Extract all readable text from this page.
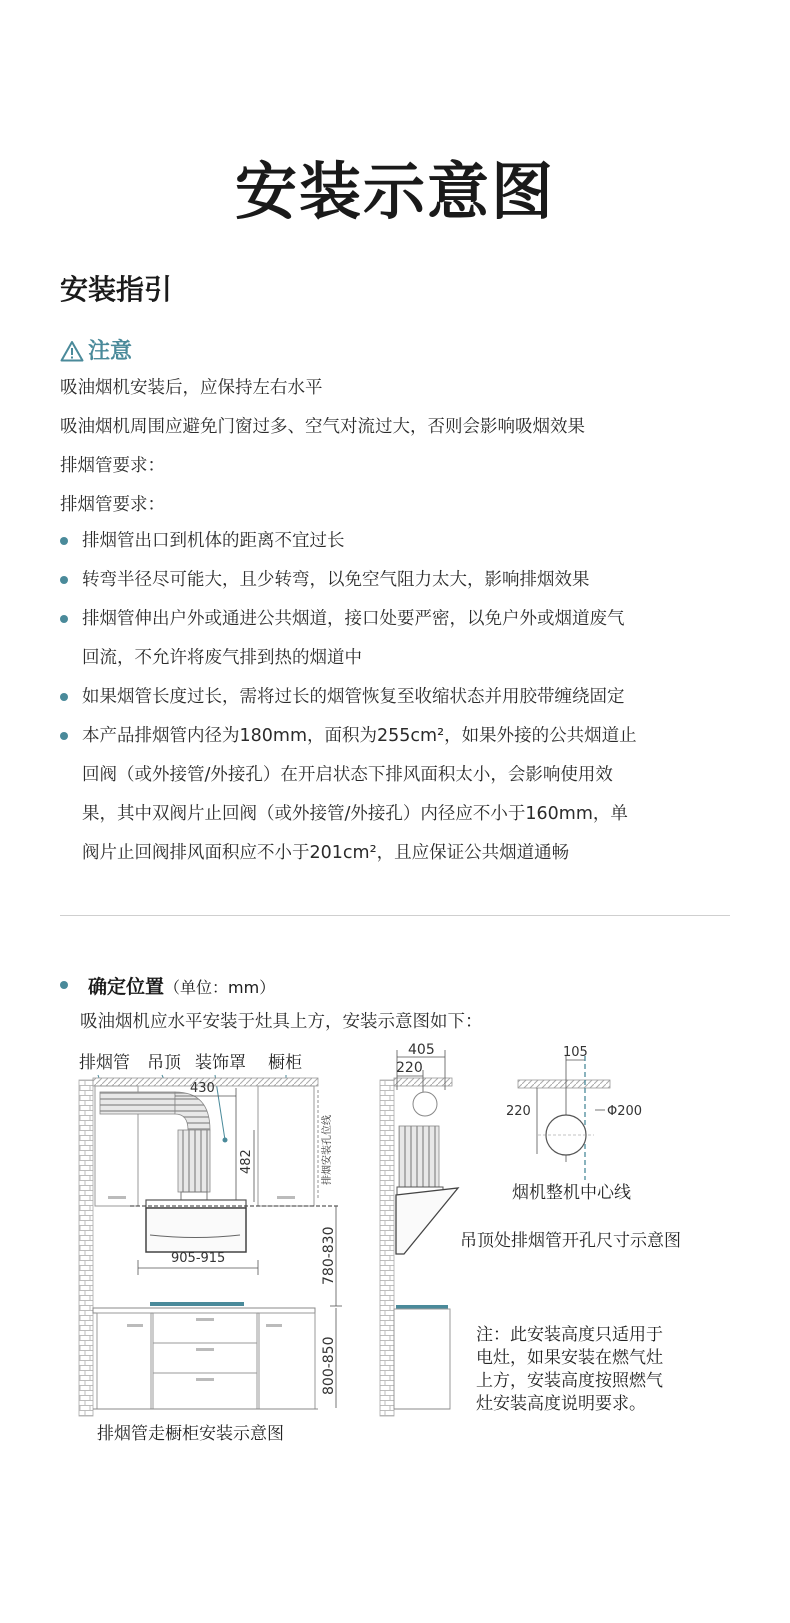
安装示意图
安装指引
注意
吸油烟机安装后，应保持左右水平
吸油烟机周围应避免门窗过多、空气对流过大，否则会影响吸烟效果
排烟管要求：
排烟管要求：
排烟管出口到机体的距离不宜过长
转弯半径尽可能大，且少转弯，以免空气阻力太大，影响排烟效果
排烟管伸出户外或通进公共烟道，接口处要严密，以免户外或烟道废气
回流，不允许将废气排到热的烟道中
如果烟管长度过长，需将过长的烟管恢复至收缩状态并用胶带缠绕固定
本产品排烟管内径为180mm，面积为255cm²，如果外接的公共烟道止
回阀（或外接管/外接孔）在开启状态下排风面积太小，会影响使用效
果，其中双阀片止回阀（或外接管/外接孔）内径应不小于160mm，单
阀片止回阀排风面积应不小于201cm²，且应保证公共烟道通畅
确定位置（单位：mm）
吸油烟机应水平安装于灶具上方，安装示意图如下：
排烟管 吊顶 装饰罩 橱柜
430
482	排烟安装孔位线
905-915	780-830
800-850
排烟管走橱柜安装示意图
405
220
105
220	Φ200
烟机整机中心线
吊顶处排烟管开孔尺寸示意图
注：此安装高度只适用于
电灶，如果安装在燃气灶
上方，安装高度按照燃气
灶安装高度说明要求。
